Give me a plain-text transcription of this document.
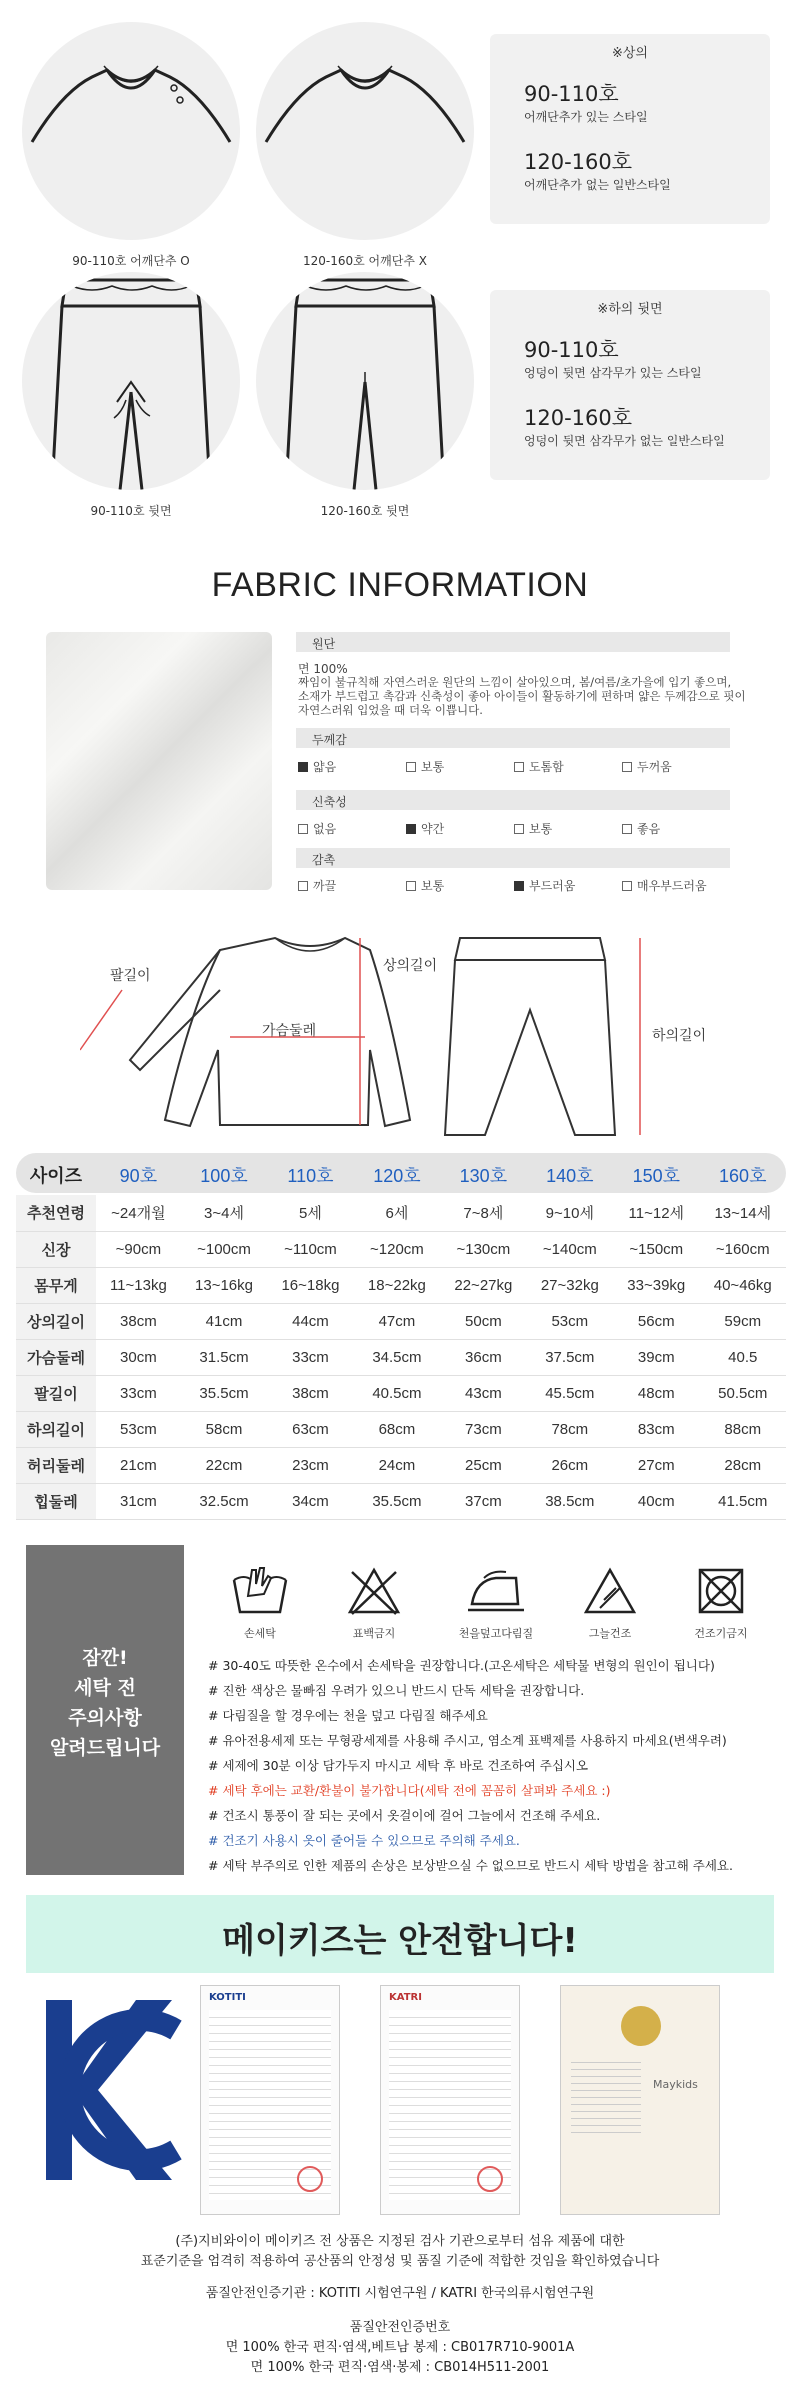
90-110호 어깨단추 O	120-160호 어깨단추 X
※상의
90-110호
어깨단추가 있는 스타일
120-160호
어깨단추가 없는 일반스타일
90-110호 뒷면	120-160호 뒷면
※하의 뒷면
90-110호
엉덩이 뒷면 삼각무가 있는 스타일
120-160호
엉덩이 뒷면 삼각무가 없는 일반스타일
FABRIC INFORMATION
원단
면 100%
짜임이 불규칙해 자연스러운 원단의 느낌이 살아있으며, 봄/여름/초가을에 입기 좋으며,
소재가 부드럽고 촉감과 신축성이 좋아 아이들이 활동하기에 편하며 얇은 두께감으로 핏이
자연스러워 입었을 때 더욱 이쁩니다.
두께감
얇음	보통	도톰함	두꺼움
신축성
없음	약간	보통	좋음
감촉
까끌	보통	부드러움	매우부드러움
팔길이
가슴둘레
상의길이
하의길이
사이즈	90호	100호	110호	120호	130호	140호	150호	160호
추천연령	~24개월	3~4세	5세	6세	7~8세	9~10세	11~12세	13~14세
신장	~90cm	~100cm	~110cm	~120cm	~130cm	~140cm	~150cm	~160cm
몸무게	11~13kg	13~16kg	16~18kg	18~22kg	22~27kg	27~32kg	33~39kg	40~46kg
상의길이	38cm	41cm	44cm	47cm	50cm	53cm	56cm	59cm
가슴둘레	30cm	31.5cm	33cm	34.5cm	36cm	37.5cm	39cm	40.5
팔길이	33cm	35.5cm	38cm	40.5cm	43cm	45.5cm	48cm	50.5cm
하의길이	53cm	58cm	63cm	68cm	73cm	78cm	83cm	88cm
허리둘레	21cm	22cm	23cm	24cm	25cm	26cm	27cm	28cm
힙둘레	31cm	32.5cm	34cm	35.5cm	37cm	38.5cm	40cm	41.5cm
잠깐!
세탁 전
주의사항
알려드립니다
손세탁	표백금지	천을덮고다림질	그늘건조	건조기금지
# 30-40도 따뜻한 온수에서 손세탁을 권장합니다.(고온세탁은 세탁물 변형의 원인이 됩니다)
# 진한 색상은 물빠짐 우려가 있으니 반드시 단독 세탁을 권장합니다.
# 다림질을 할 경우에는 천을 덮고 다림질 해주세요
# 유아전용세제 또는 무형광세제를 사용해 주시고, 염소계 표백제를 사용하지 마세요(변색우려)
# 세제에 30분 이상 담가두지 마시고 세탁 후 바로 건조하여 주십시오
# 세탁 후에는 교환/환불이 불가합니다(세탁 전에 꼼꼼히 살펴봐 주세요 :)
# 건조시 통풍이 잘 되는 곳에서 옷걸이에 걸어 그늘에서 건조해 주세요.
# 건조기 사용시 옷이 줄어들 수 있으므로 주의해 주세요.
# 세탁 부주의로 인한 제품의 손상은 보상받으실 수 없으므로 반드시 세탁 방법을 참고해 주세요.
메이키즈는 안전합니다!
KOTITI	KATRI
Maykids
(주)지비와이이 메이키즈 전 상품은 지정된 검사 기관으로부터 섬유 제품에 대한
표준기준을 엄격히 적용하여 공산품의 안정성 및 품질 기준에 적합한 것임을 확인하였습니다
품질안전인증기관 : KOTITI 시험연구원 / KATRI 한국의류시험연구원
품질안전인증번호
면 100% 한국 편직·염색,베트남 봉제 : CB017R710-9001A
면 100% 한국 편직·염색·봉제 : CB014H511-2001
